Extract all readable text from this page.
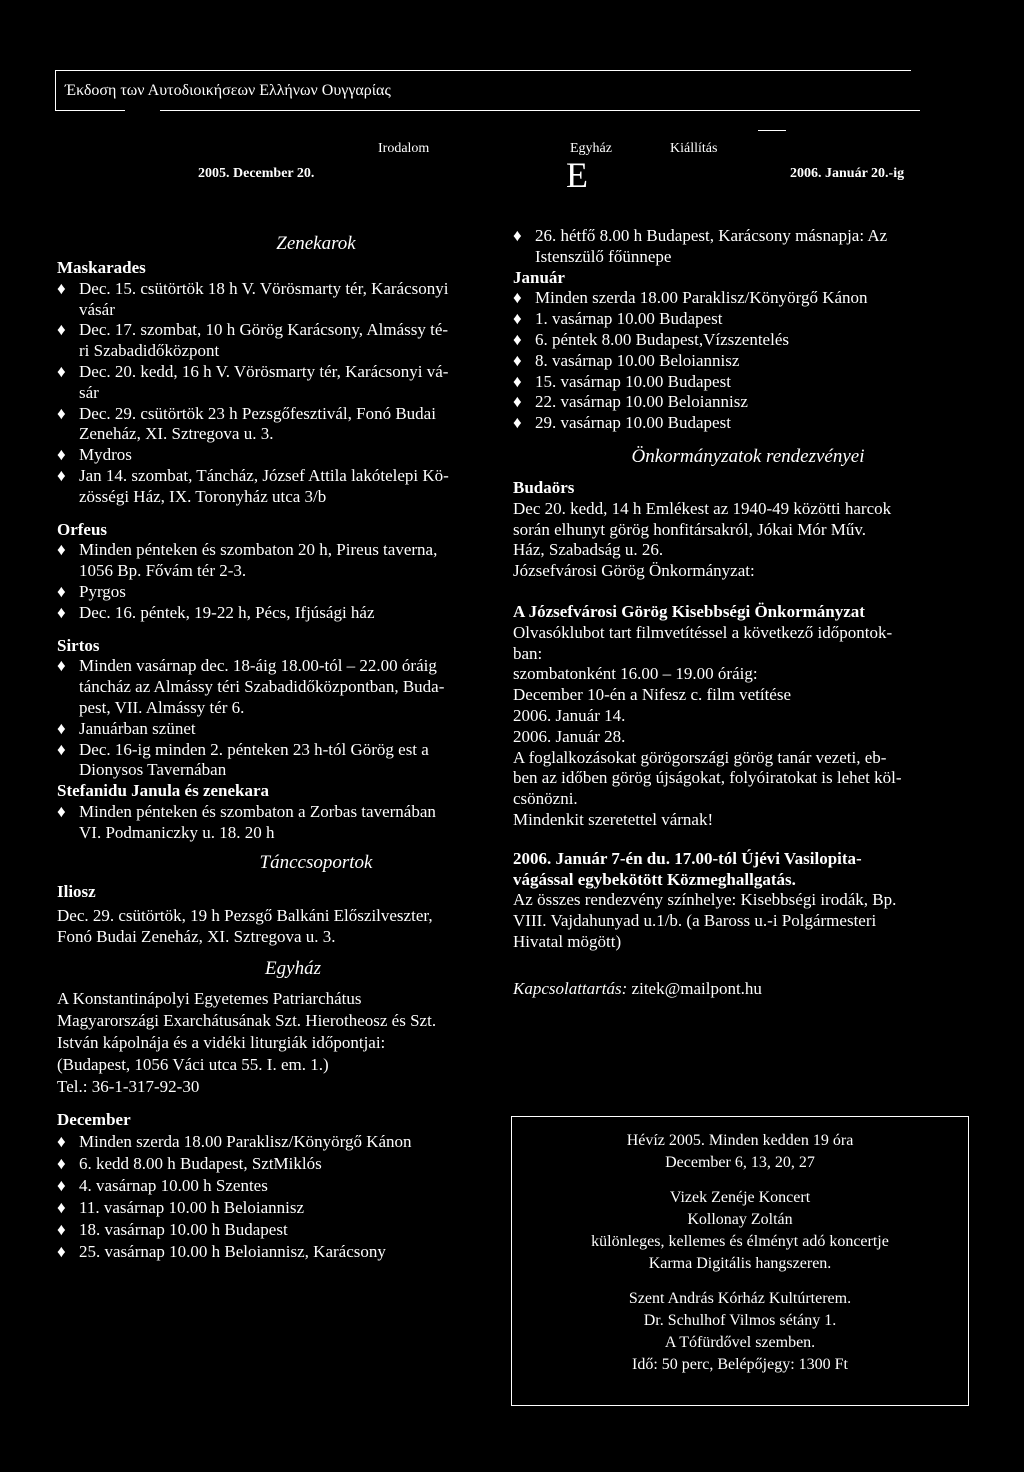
Έκδοση των Αυτοδιοικήσεων Ελλήνων Ουγγαρίας
Irodalom	Egyház	Kiállítás
2005. December 20.	E	2006. Január 20.-ig
Zenekarok
Maskarades
♦ Dec. 15. csütörtök 18 h V. Vörösmarty tér, Karácsonyi
vásár
♦ Dec. 17. szombat, 10 h Görög Karácsony, Almássy té-
ri Szabadidőközpont
♦ Dec. 20. kedd, 16 h V. Vörösmarty tér, Karácsonyi vá-
sár
♦ Dec. 29. csütörtök 23 h Pezsgőfesztivál, Fonó Budai
Zeneház, XI. Sztregova u. 3.
♦ Mydros
♦ Jan 14. szombat, Táncház, József Attila lakótelepi Kö-
zösségi Ház, IX. Toronyház utca 3/b
Orfeus
♦ Minden pénteken és szombaton 20 h, Pireus taverna,
1056 Bp. Fővám tér 2-3.
♦ Pyrgos
♦ Dec. 16. péntek, 19-22 h, Pécs, Ifjúsági ház
Sirtos
♦ Minden vasárnap dec. 18-áig 18.00-tól – 22.00 óráig
táncház az Almássy téri Szabadidőközpontban, Buda-
pest, VII. Almássy tér 6.
♦ Januárban szünet
♦ Dec. 16-ig minden 2. pénteken 23 h-tól Görög est a
Dionysos Tavernában
Stefanidu Janula és zenekara
♦ Minden pénteken és szombaton a Zorbas tavernában
VI. Podmaniczky u. 18. 20 h
Tánccsoportok
Iliosz
Dec. 29. csütörtök, 19 h Pezsgő Balkáni Előszilveszter,
Fonó Budai Zeneház, XI. Sztregova u. 3.
Egyház
A Konstantinápolyi Egyetemes Patriarchátus
Magyarországi Exarchátusának Szt. Hierotheosz és Szt.
István kápolnája és a vidéki liturgiák időpontjai:
(Budapest, 1056 Váci utca 55. I. em. 1.)
Tel.: 36-1-317-92-30
December
♦ Minden szerda 18.00 Paraklisz/Könyörgő Kánon
♦ 6. kedd 8.00 h Budapest, SztMiklós
♦ 4. vasárnap 10.00 h Szentes
♦ 11. vasárnap 10.00 h Beloiannisz
♦ 18. vasárnap 10.00 h Budapest
♦ 25. vasárnap 10.00 h Beloiannisz, Karácsony
♦ 26. hétfő 8.00 h Budapest, Karácsony másnapja: Az
Istenszülő főünnepe
Január
♦ Minden szerda 18.00 Paraklisz/Könyörgő Kánon
♦ 1. vasárnap 10.00 Budapest
♦ 6. péntek 8.00 Budapest,Vízszentelés
♦ 8. vasárnap 10.00 Beloiannisz
♦ 15. vasárnap 10.00 Budapest
♦ 22. vasárnap 10.00 Beloiannisz
♦ 29. vasárnap 10.00 Budapest
Önkormányzatok rendezvényei
Budaörs
Dec 20. kedd, 14 h Emlékest az 1940-49 közötti harcok
során elhunyt görög honfitársakról, Jókai Mór Műv.
Ház, Szabadság u. 26.
Józsefvárosi Görög Önkormányzat:
A Józsefvárosi Görög Kisebbségi Önkormányzat
Olvasóklubot tart filmvetítéssel a következő időpontok-
ban:
szombatonként 16.00 – 19.00 óráig:
December 10-én a Nifesz c. film vetítése
2006. Január 14.
2006. Január 28.
A foglalkozásokat görögországi görög tanár vezeti, eb-
ben az időben görög újságokat, folyóiratokat is lehet köl-
csönözni.
Mindenkit szeretettel várnak!
2006. Január 7-én du. 17.00-tól Újévi Vasilopita-
vágással egybekötött Közmeghallgatás.
Az összes rendezvény színhelye: Kisebbségi irodák, Bp.
VIII. Vajdahunyad u.1/b. (a Baross u.-i Polgármesteri
Hivatal mögött)
Kapcsolattartás: zitek@mailpont.hu
Hévíz 2005. Minden kedden 19 óra
December 6, 13, 20, 27
Vizek Zenéje Koncert
Kollonay Zoltán
különleges, kellemes és élményt adó koncertje
Karma Digitális hangszeren.
Szent András Kórház Kultúrterem.
Dr. Schulhof Vilmos sétány 1.
A Tófürdővel szemben.
Idő: 50 perc, Belépőjegy: 1300 Ft
